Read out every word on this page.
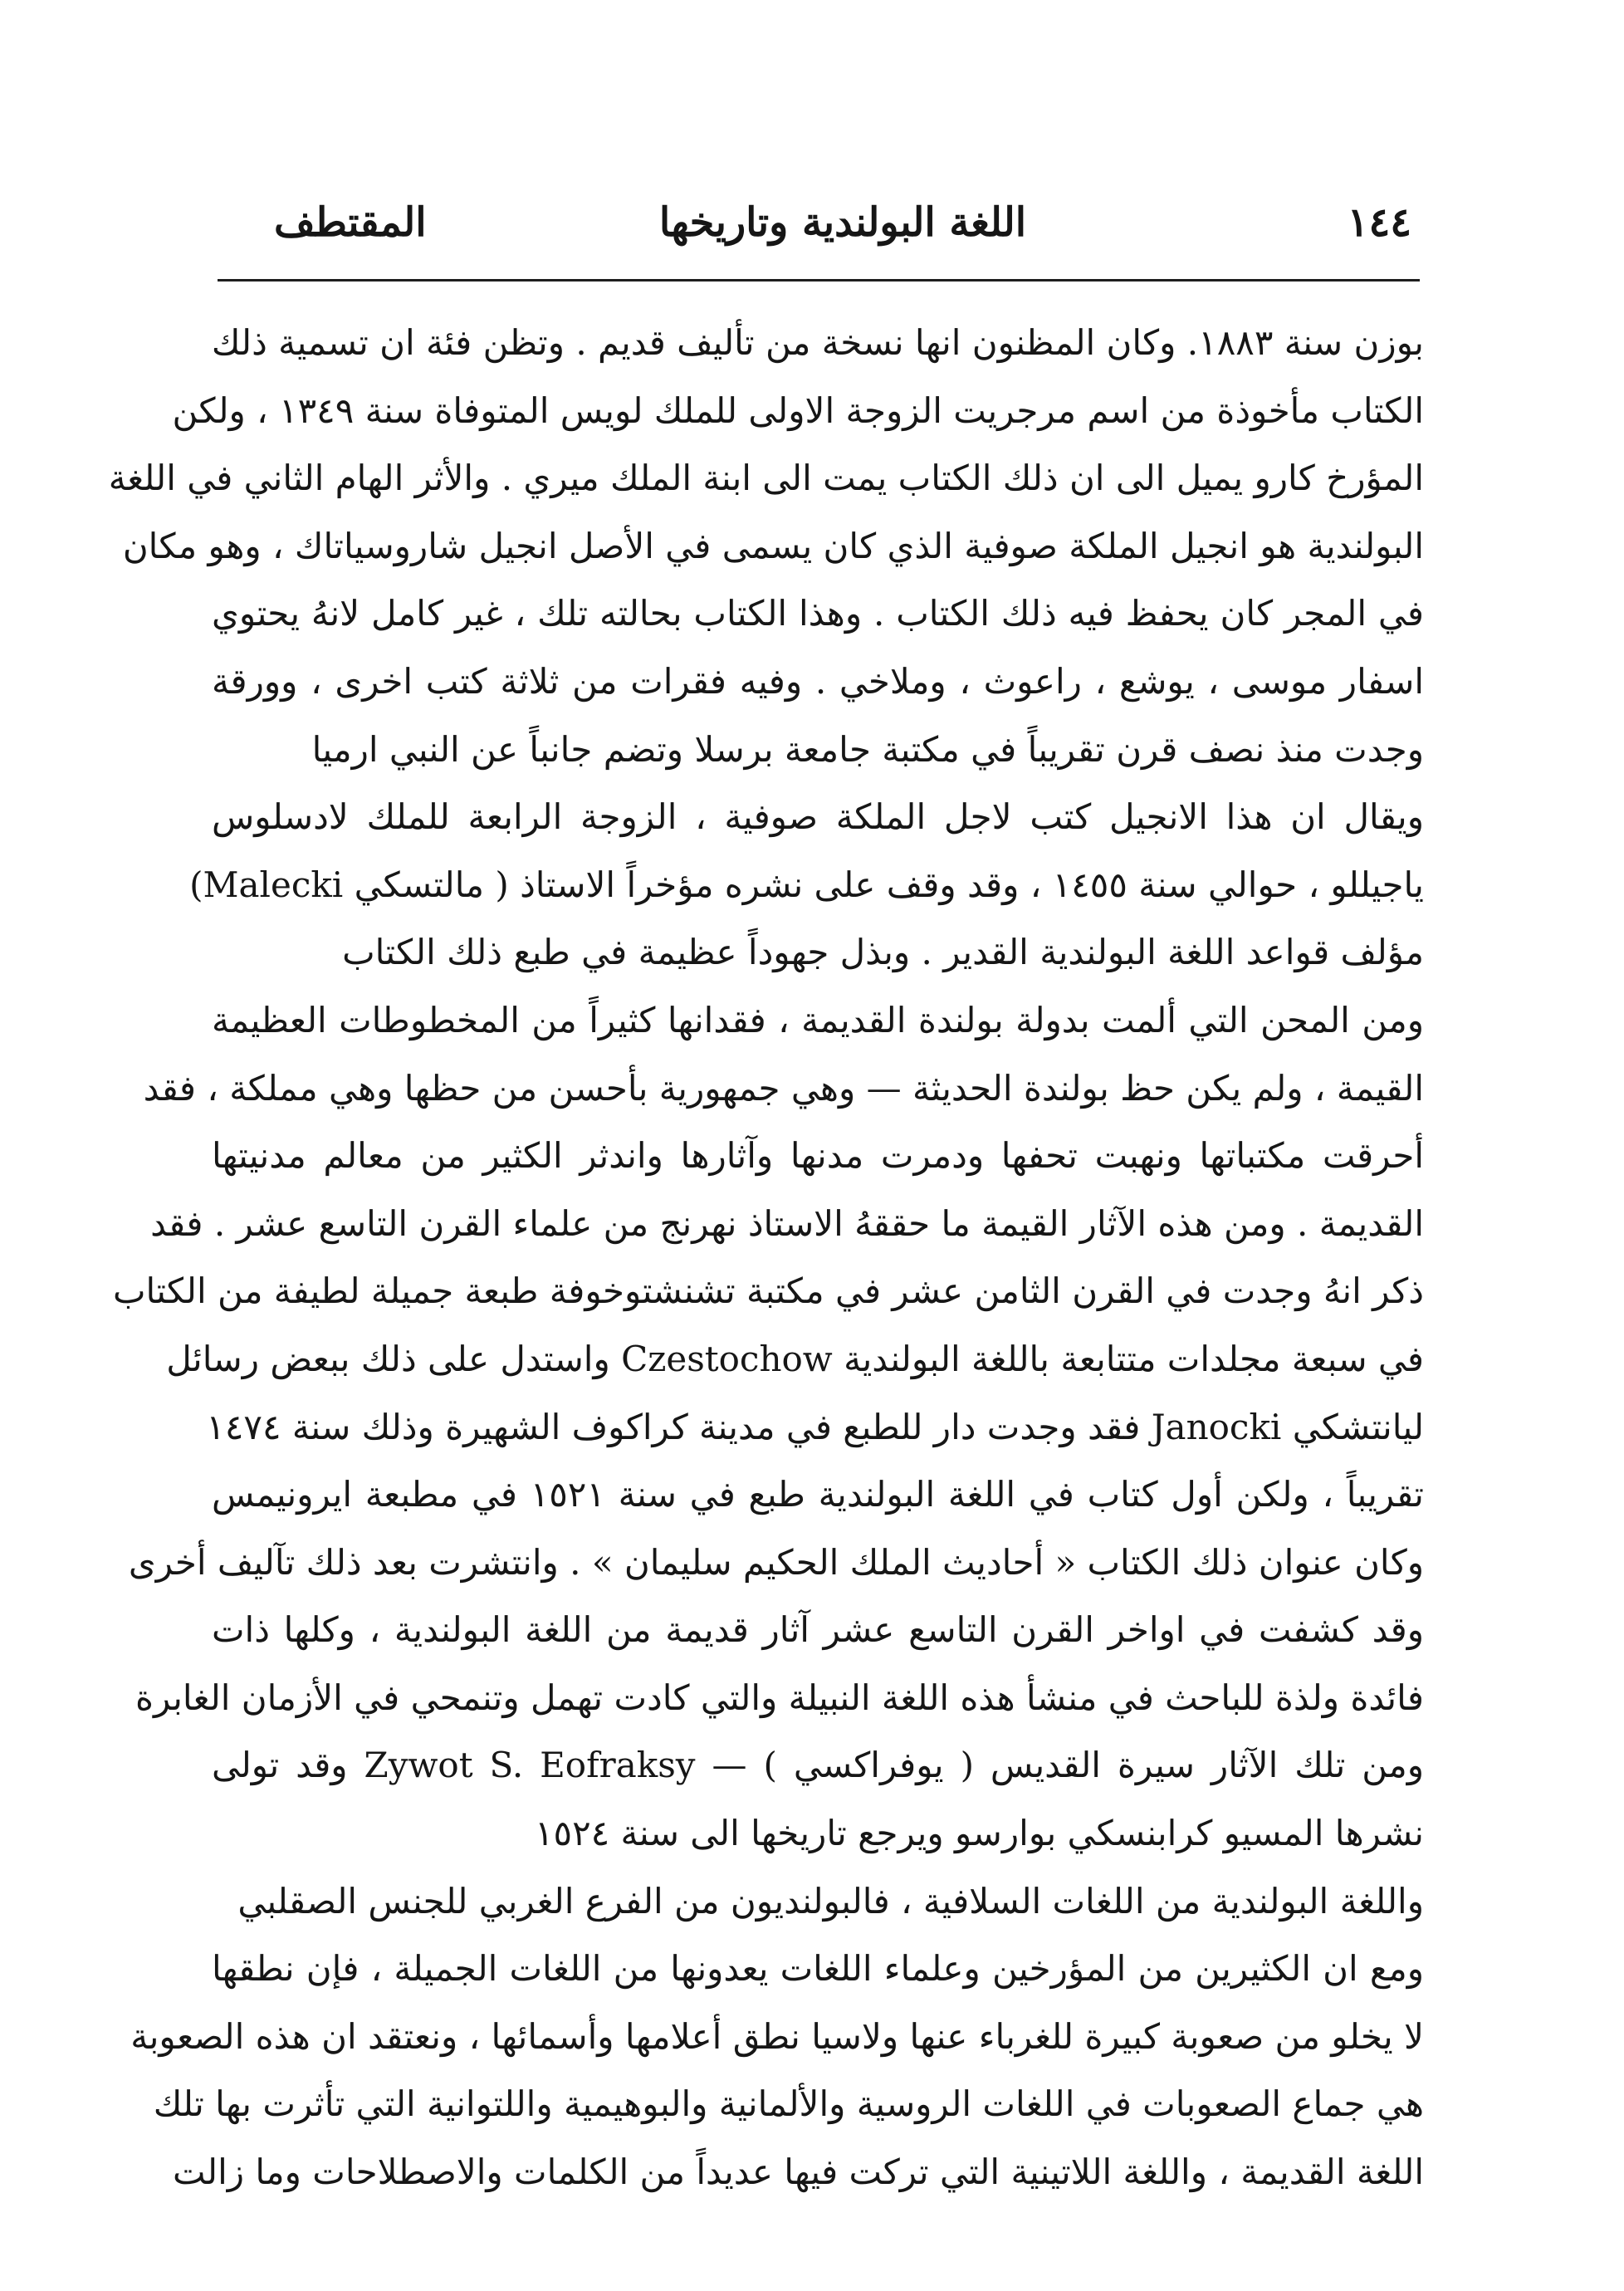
١٤٤
اللغة البولندية وتاريخها
المقتطف
بوزن سنة ١٨٨٣. وكان المظنون انها نسخة من تأليف قديم . وتظن فئة ان تسمية ذلك
الكتاب مأخوذة من اسم مرجريت الزوجة الاولى للملك لويس المتوفاة سنة ١٣٤٩ ، ولكن
المؤرخ كارو يميل الى ان ذلك الكتاب يمت الى ابنة الملك ميري . والأثر الهام الثاني في اللغة
البولندية هو انجيل الملكة صوفية الذي كان يسمى في الأصل انجيل شاروسياتاك ، وهو مكان
في المجر كان يحفظ فيه ذلك الكتاب . وهذا الكتاب بحالته تلك ، غير كامل لانهُ يحتوي
اسفار موسى ، يوشع ، راعوث ، وملاخي . وفيه فقرات من ثلاثة كتب اخرى ، وورقة
وجدت منذ نصف قرن تقريباً في مكتبة جامعة برسلا وتضم جانباً عن النبي ارميا
ويقال ان هذا الانجيل كتب لاجل الملكة صوفية ، الزوجة الرابعة للملك لادسلوس
ياجيللو ، حوالي سنة ١٤٥٥ ، وقد وقف على نشره مؤخراً الاستاذ ( مالتسكي Malecki)
مؤلف قواعد اللغة البولندية القدير . وبذل جهوداً عظيمة في طبع ذلك الكتاب
ومن المحن التي ألمت بدولة بولندة القديمة ، فقدانها كثيراً من المخطوطات العظيمة
القيمة ، ولم يكن حظ بولندة الحديثة — وهي جمهورية بأحسن من حظها وهي مملكة ، فقد
أحرقت مكتباتها ونهبت تحفها ودمرت مدنها وآثارها واندثر الكثير من معالم مدنيتها
القديمة . ومن هذه الآثار القيمة ما حققهُ الاستاذ نهرنج من علماء القرن التاسع عشر . فقد
ذكر انهُ وجدت في القرن الثامن عشر في مكتبة تشنشتوخوفة طبعة جميلة لطيفة من الكتاب
في سبعة مجلدات متتابعة باللغة البولندية Czestochow واستدل على ذلك ببعض رسائل
ليانتشكي Janocki فقد وجدت دار للطبع في مدينة كراكوف الشهيرة وذلك سنة ١٤٧٤
تقريباً ، ولكن أول كتاب في اللغة البولندية طبع في سنة ١٥٢١ في مطبعة ايرونيمس
وكان عنوان ذلك الكتاب « أحاديث الملك الحكيم سليمان » . وانتشرت بعد ذلك تآليف أخرى
وقد كشفت في اواخر القرن التاسع عشر آثار قديمة من اللغة البولندية ، وكلها ذات
فائدة ولذة للباحث في منشأ هذه اللغة النبيلة والتي كادت تهمل وتنمحي في الأزمان الغابرة
ومن تلك الآثار سيرة القديس ( يوفراكسي ) — Zywot S. Eofraksy وقد تولى
نشرها المسيو كرابنسكي بوارسو ويرجع تاريخها الى سنة ١٥٢٤
واللغة البولندية من اللغات السلافية ، فالبولنديون من الفرع الغربي للجنس الصقلبي
ومع ان الكثيرين من المؤرخين وعلماء اللغات يعدونها من اللغات الجميلة ، فإن نطقها
لا يخلو من صعوبة كبيرة للغرباء عنها ولاسيا نطق أعلامها وأسمائها ، ونعتقد ان هذه الصعوبة
هي جماع الصعوبات في اللغات الروسية والألمانية والبوهيمية واللتوانية التي تأثرت بها تلك
اللغة القديمة ، واللغة اللاتينية التي تركت فيها عديداً من الكلمات والاصطلاحات وما زالت
